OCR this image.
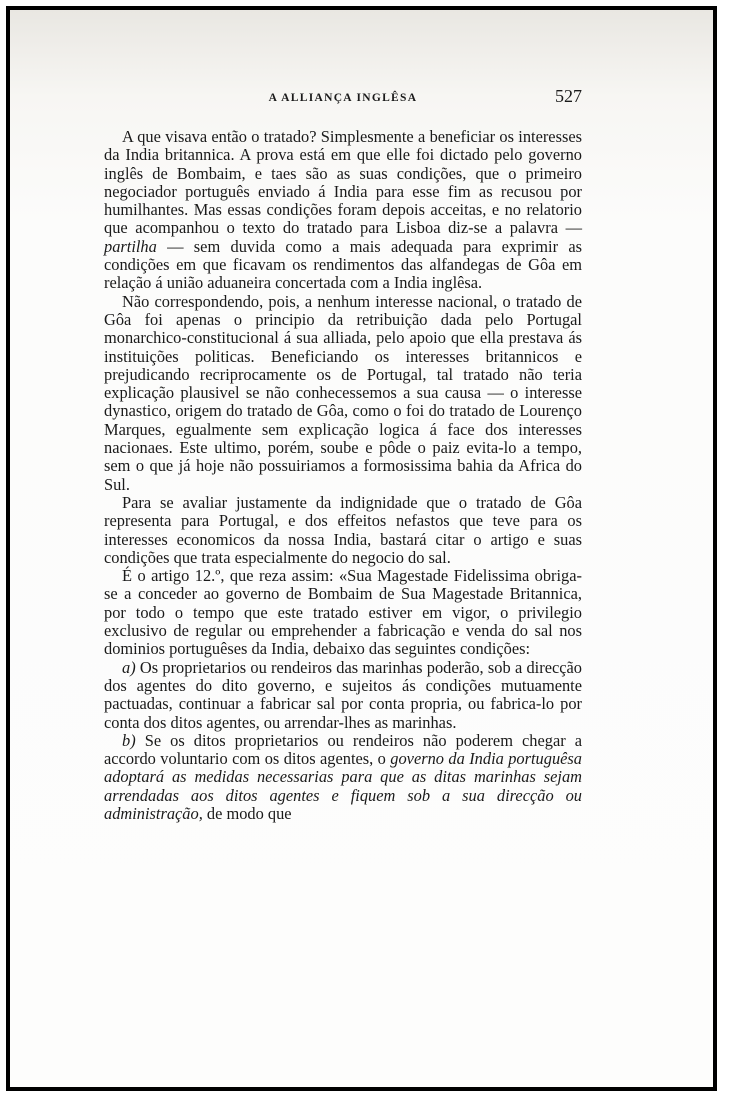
A ALLIANÇA INGLÊSA	527

A que visava então o tratado? Simplesmente a beneficiar os interesses da India britannica. A prova está em que elle foi dictado pelo governo inglês de Bombaim, e taes são as suas condições, que o primeiro negociador português enviado á India para esse fim as recusou por humilhantes. Mas essas condições foram depois acceitas, e no relatorio que acompanhou o texto do tratado para Lisboa diz-se a palavra — partilha — sem duvida como a mais adequada para exprimir as condições em que ficavam os rendimentos das alfandegas de Gôa em relação á união aduaneira concertada com a India inglêsa.

Não correspondendo, pois, a nenhum interesse nacional, o tratado de Gôa foi apenas o principio da retribuição dada pelo Portugal monarchico-constitucional á sua alliada, pelo apoio que ella prestava ás instituições politicas. Beneficiando os interesses britannicos e prejudicando recriprocamente os de Portugal, tal tratado não teria explicação plausivel se não conhecessemos a sua causa — o interesse dynastico, origem do tratado de Gôa, como o foi do tratado de Lourenço Marques, egualmente sem explicação logica á face dos interesses nacionaes. Este ultimo, porém, soube e pôde o paiz evita-lo a tempo, sem o que já hoje não possuiriamos a formosissima bahia da Africa do Sul.

Para se avaliar justamente da indignidade que o tratado de Gôa representa para Portugal, e dos effeitos nefastos que teve para os interesses economicos da nossa India, bastará citar o artigo e suas condições que trata especialmente do negocio do sal.

É o artigo 12.º, que reza assim: «Sua Magestade Fidelissima obriga-se a conceder ao governo de Bombaim de Sua Magestade Britannica, por todo o tempo que este tratado estiver em vigor, o privilegio exclusivo de regular ou emprehender a fabricação e venda do sal nos dominios portuguêses da India, debaixo das seguintes condições:

a) Os proprietarios ou rendeiros das marinhas poderão, sob a direcção dos agentes do dito governo, e sujeitos ás condições mutuamente pactuadas, continuar a fabricar sal por conta propria, ou fabrica-lo por conta dos ditos agentes, ou arrendar-lhes as marinhas.

b) Se os ditos proprietarios ou rendeiros não poderem chegar a accordo voluntario com os ditos agentes, o governo da India portuguêsa adoptará as medidas necessarias para que as ditas marinhas sejam arrendadas aos ditos agentes e fiquem sob a sua direcção ou administração, de modo que
